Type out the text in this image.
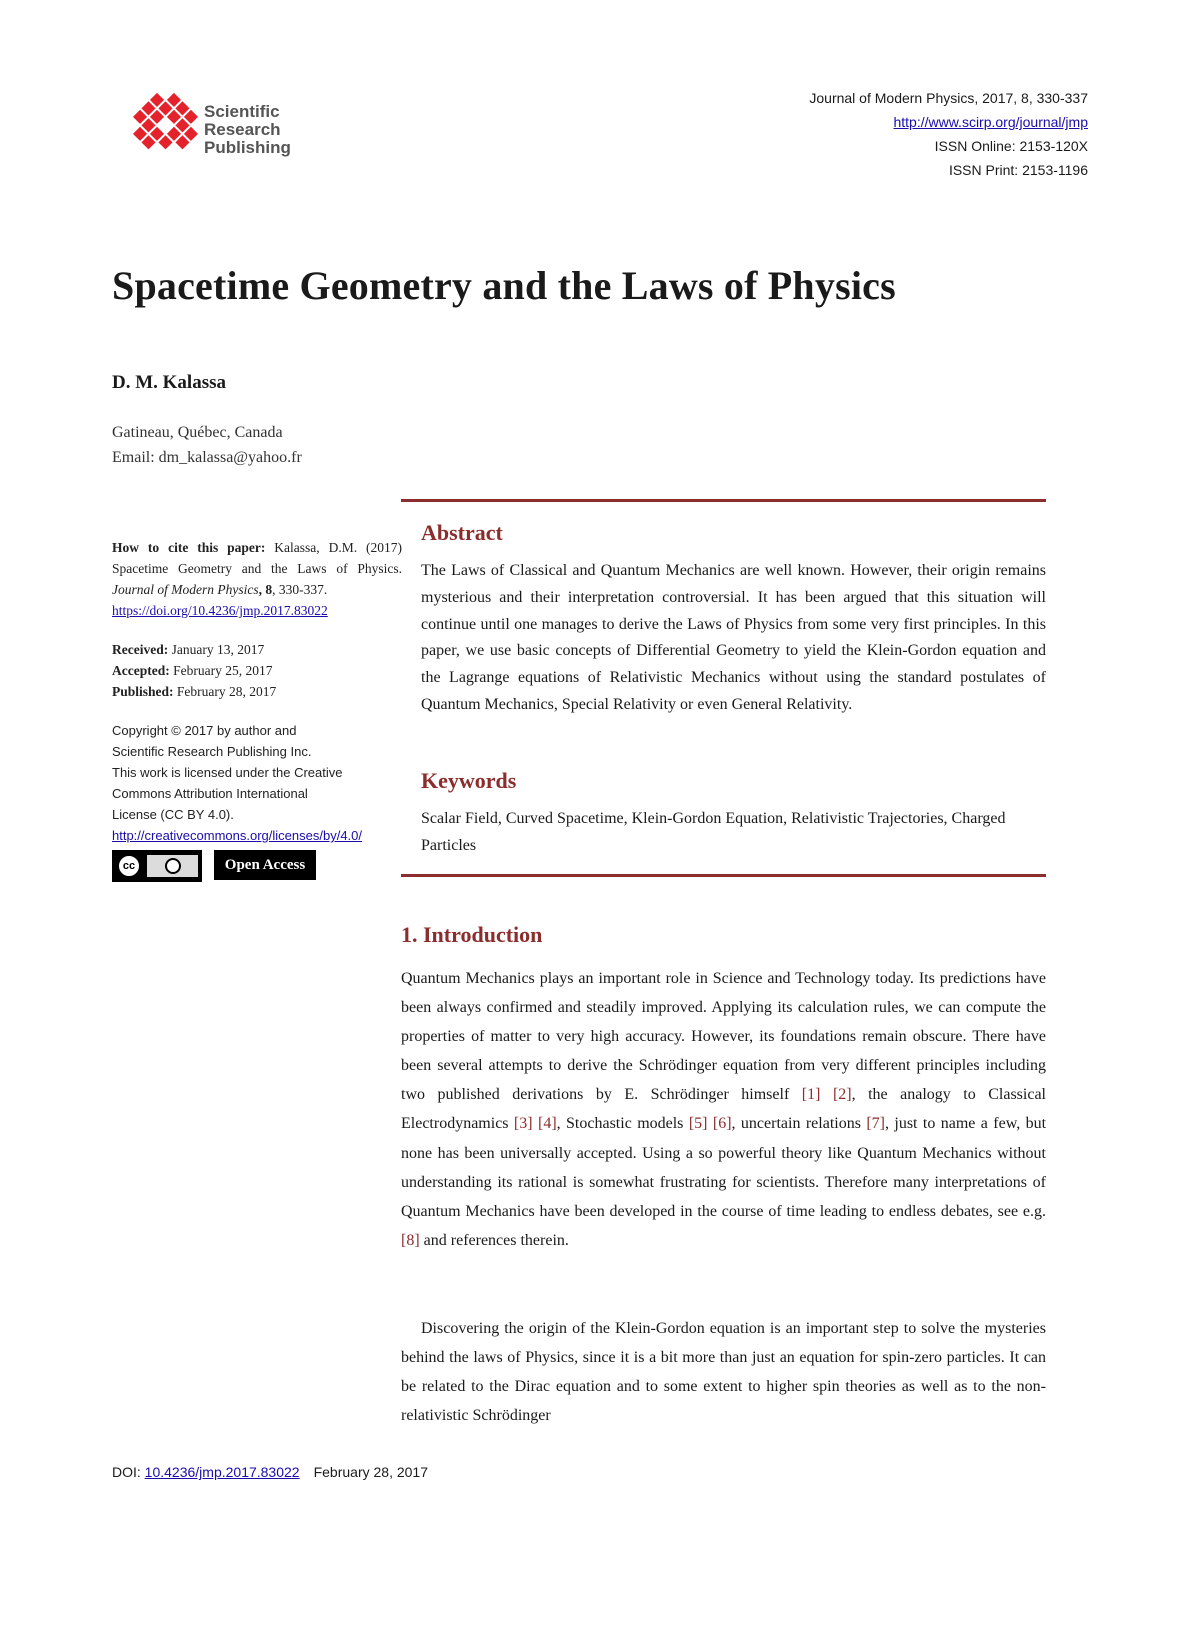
Scientific
Research
Publishing
Journal of Modern Physics, 2017, 8, 330-337
http://www.scirp.org/journal/jmp
ISSN Online: 2153-120X
ISSN Print: 2153-1196
Spacetime Geometry and the Laws of Physics
D. M. Kalassa
Gatineau, Québec, Canada
Email: dm_kalassa@yahoo.fr

How to cite this paper: Kalassa, D.M. (2017) Spacetime Geometry and the Laws of Physics. Journal of Modern Physics, 8, 330-337.
https://doi.org/10.4236/jmp.2017.83022

Received: January 13, 2017
Accepted: February 25, 2017
Published: February 28, 2017

Copyright © 2017 by author and
Scientific Research Publishing Inc.
This work is licensed under the Creative
Commons Attribution International
License (CC BY 4.0).
http://creativecommons.org/licenses/by/4.0/

cc	Open Access
Abstract

The Laws of Classical and Quantum Mechanics are well known. However, their origin remains mysterious and their interpretation controversial. It has been argued that this situation will continue until one manages to derive the Laws of Physics from some very first principles. In this paper, we use basic concepts of Differential Geometry to yield the Klein-Gordon equation and the Lagrange equations of Relativistic Mechanics without using the standard postulates of Quantum Mechanics, Special Relativity or even General Relativity.

Keywords

Scalar Field, Curved Spacetime, Klein-Gordon Equation, Relativistic Trajectories, Charged Particles

1. Introduction

Quantum Mechanics plays an important role in Science and Technology today. Its predictions have been always confirmed and steadily improved. Applying its calculation rules, we can compute the properties of matter to very high accuracy. However, its foundations remain obscure. There have been several attempts to derive the Schrödinger equation from very different principles including two published derivations by E. Schrödinger himself [1] [2], the analogy to Classical Electrodynamics [3] [4], Stochastic models [5] [6], uncertain relations [7], just to name a few, but none has been universally accepted. Using a so powerful theory like Quantum Mechanics without understanding its rational is somewhat frustrating for scientists. Therefore many interpretations of Quantum Mechanics have been developed in the course of time leading to endless debates, see e.g. [8] and references therein.

Discovering the origin of the Klein-Gordon equation is an important step to solve the mysteries behind the laws of Physics, since it is a bit more than just an equation for spin-zero particles. It can be related to the Dirac equation and to some extent to higher spin theories as well as to the non-relativistic Schrödinger

DOI: 10.4236/jmp.2017.83022 February 28, 2017
